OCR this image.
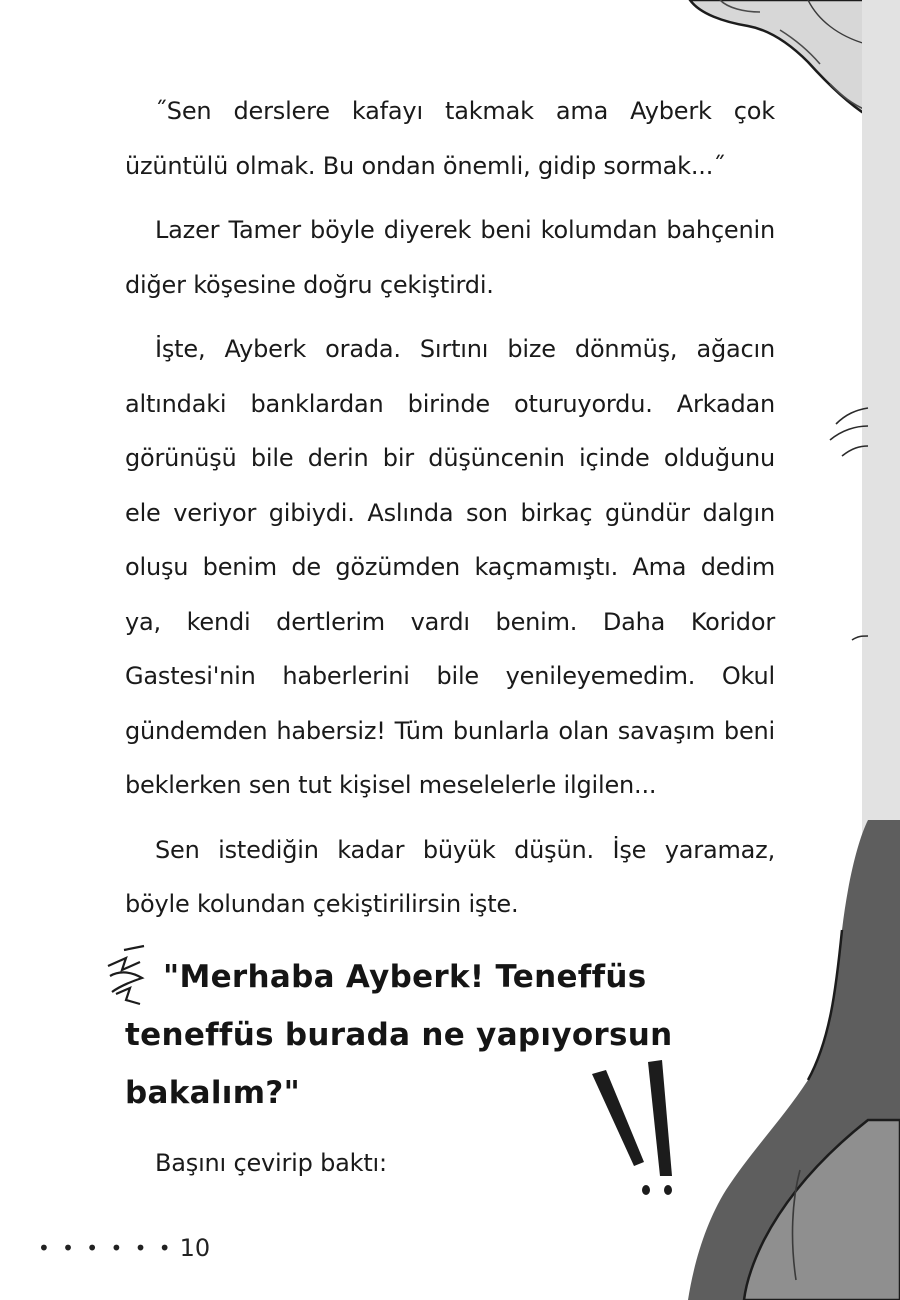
˝Sen derslere kafayı takmak ama Ayberk çok üzüntülü olmak. Bu ondan önemli, gidip sormak...˝

Lazer Tamer böyle diyerek beni kolumdan bahçenin diğer köşesine doğru çekiştirdi.

İşte, Ayberk orada. Sırtını bize dönmüş, ağacın altındaki banklardan birinde oturuyordu. Arkadan görünüşü bile derin bir düşüncenin içinde olduğunu ele veriyor gibiydi. Aslında son birkaç gündür dalgın oluşu benim de gözümden kaçmamıştı. Ama dedim ya, kendi dertlerim vardı benim. Daha Koridor Gastesi'nin haberlerini bile yenileyemedim. Okul gündemden habersiz! Tüm bunlarla olan savaşım beni beklerken sen tut kişisel meselelerle ilgilen...

Sen istediğin kadar büyük düşün. İşe yaramaz, böyle kolundan çekiştirilirsin işte.

"Merhaba Ayberk! Teneffüs teneffüs burada ne yapıyorsun bakalım?"

Başını çevirip baktı:

• • • • • • 10
